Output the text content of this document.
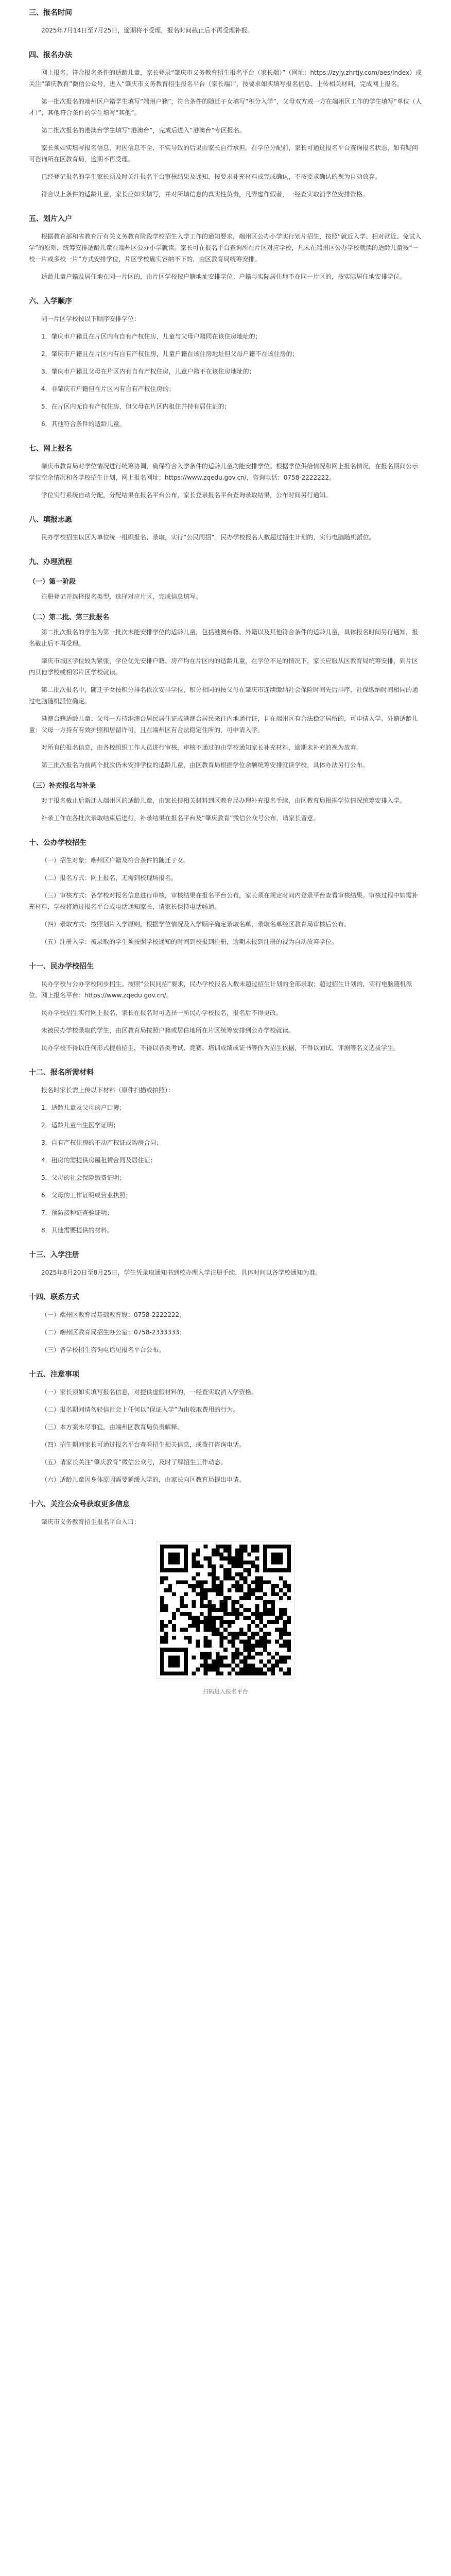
三、报名时间

2025年7月14日至7月25日，逾期将不受理，报名时间截止后不再受理补报。

四、报名办法

网上报名。符合报名条件的适龄儿童，家长登录“肇庆市义务教育招生报名平台（家长端）”（网址：https://zyjy.zhrtjy.com/aes/index）或关注“肇庆教育”微信公众号，进入“肇庆市义务教育招生报名平台（家长端）”，按要求如实填写报名信息、上传相关材料，完成网上报名。

第一批次报名的端州区户籍学生填写“端州户籍”，符合条件的随迁子女填写“积分入学”，父母双方或一方在端州区工作的学生填写“单位（人才）”，其他符合条件的学生填写“其他”。

第二批次报名的港澳台学生填写“港澳台”，完成后进入“港澳台”专区报名。

家长须如实填写报名信息，对因信息不全、不实导致的后果由家长自行承担。在学位分配前，家长可通过报名平台查询报名状态，如有疑问可咨询所在区教育局，逾期不再受理。

已经登记报名的学生家长须及时关注报名平台审核结果及通知，按要求补充材料或完成确认，不按要求确认的视为自动放弃。

符合以上条件的适龄儿童，家长应如实填写，并对所填信息的真实性负责，凡弄虚作假者，一经查实取消学位安排资格。

五、划片入户

根据教育部和省教育厅有关义务教育阶段学校招生入学工作的通知要求，端州区公办小学实行划片招生，按照“就近入学、相对就近、免试入学”的原则，统筹安排适龄儿童在端州区公办小学就读。家长可在报名平台查询所在片区对应学校，凡未在端州区公办学校就读的适龄儿童按“一校一片或多校一片”方式安排学位，片区学校确实容纳不下的，由区教育局统筹安排。

适龄儿童户籍及居住地在同一片区的，由片区学校按户籍地址安排学位；户籍与实际居住地不在同一片区的，按实际居住地安排学位。

六、入学顺序

同一片区学校按以下顺序安排学位：

1．肇庆市户籍且在片区内有自有产权住房，儿童与父母户籍同在该住房地址的；

2．肇庆市户籍且在片区内有自有产权住房，儿童户籍在该住房地址但父母户籍不在该住房的；

3．肇庆市户籍且父母在片区内有自有产权住房，儿童户籍不在该住房地址的；

4．非肇庆市户籍但在片区内有自有产权住房的；

5．在片区内无自有产权住房，但父母在片区内租住并持有居住证的；

6．其他符合条件的适龄儿童。

七、网上报名

肇庆市教育局对学位情况进行统筹协调，确保符合入学条件的适龄儿童均能安排学位。根据学位供给情况和网上报名情况，在报名期间公示学位空余情况和各学校招生计划，网上报名网址：https://www.zqedu.gov.cn/，咨询电话：0758-2222222。

学位实行系统自动分配，分配结果在报名平台公布，家长登录报名平台查询录取结果，公布时间另行通知。

八、填报志愿

民办学校招生以区为单位统一组织报名、录取，实行“公民同招”。民办学校报名人数超过招生计划的，实行电脑随机派位。

九、办理流程
（一）第一阶段

注册登记并选择报名类型，选择对应片区，完成信息填写。

（二）第二批、第三批报名

第二批次报名的学生为第一批次未能安排学位的适龄儿童，包括港澳台籍、外籍以及其他符合条件的适龄儿童，具体报名时间另行通知，报名截止后不再受理。

肇庆市城区学位较为紧张，学位优先安排户籍、房产均在片区内的适龄儿童，在学位不足的情况下，家长应服从区教育局统筹安排，到片区内其他学校或相邻片区学校就读。

第二批次报名中，随迁子女按积分排名依次安排学位，积分相同的按父母在肇庆市连续缴纳社会保险时间先后排序，社保缴纳时间相同的通过电脑随机派位确定。

港澳台籍适龄儿童：父母一方持港澳台居民居住证或港澳台居民来往内地通行证，且在端州区有合法稳定居所的，可申请入学。外籍适龄儿童：父母一方持有有效护照和居留许可，且在端州区有合法稳定住所的，可申请入学。

对所有的报名信息，由各校组织工作人员进行审核，审核不通过的由学校通知家长补充材料，逾期未补充的视为放弃。

第三批次报名为前两个批次仍未安排学位的适龄儿童，由区教育局根据学位余额统筹安排就读学校，具体办法另行公布。

（三）补充报名与补录

对于报名截止后新迁入端州区的适龄儿童，由家长持相关材料到区教育局办理补充报名手续，由区教育局根据学位情况统筹安排入学。

补录工作在各批次录取结束后进行，补录结果在报名平台及“肇庆教育”微信公众号公布，请家长留意。

十、公办学校招生

（一）招生对象：端州区户籍及符合条件的随迁子女。

（二）报名方式：网上报名，无需到校现场报名。

（三）审核方式：各学校对报名信息进行审核，审核结果在报名平台公布，家长须在规定时间内登录平台查看审核结果。审核过程中如需补充材料，学校将通过报名平台或电话通知家长，请家长保持电话畅通。

（四）录取方式：按照划片入学原则，根据学位情况及入学顺序确定录取名单，录取名单经区教育局审核后公布。

（五）注册入学：被录取的学生须按照学校通知的时间到校报到注册，逾期未报到注册的视为自动放弃学位。

十一、民办学校招生

民办学校与公办学校同步招生。按照“公民同招”要求，民办学校报名人数未超过招生计划的全部录取；超过招生计划的，实行电脑随机派位。网上报名平台：https://www.zqedu.gov.cn/。

民办学校招生实行网上报名，家长在报名时可选择一所民办学校报名，报名后不得更改。

未被民办学校录取的学生，由区教育局按照户籍或居住地所在片区统筹安排到公办学校就读。

民办学校不得以任何形式提前招生，不得以各类考试、竞赛、培训成绩或证书等作为招生依据，不得以面试、评测等名义选拔学生。

十二、报名所需材料

报名时家长需上传以下材料（原件扫描或拍照）：

1．适龄儿童及父母的户口簿；

2．适龄儿童出生医学证明；

3．自有产权住房的不动产权证或购房合同；

4．租房的需提供房屋租赁合同及居住证；

5．父母的社会保险缴费证明；

6．父母的工作证明或营业执照；

7．预防接种证查验证明；

8．其他需要提供的材料。

十三、入学注册

2025年8月20日至8月25日，学生凭录取通知书到校办理入学注册手续，具体时间以各学校通知为准。

十四、联系方式

（一）端州区教育局基础教育股：0758-2222222；

（二）端州区教育局招生办公室：0758-2333333；

（三）各学校招生咨询电话见报名平台公布。

十五、注意事项

（一）家长须如实填写报名信息，对提供虚假材料的，一经查实取消入学资格。

（二）报名期间请勿轻信社会上任何以“保证入学”为由收取费用的行为。

（三）本方案未尽事宜，由端州区教育局负责解释。

（四）招生期间家长可通过报名平台查看招生相关信息，或拨打咨询电话。

（五）请家长关注“肇庆教育”微信公众号，及时了解招生工作动态。

（六）适龄儿童因身体原因需要延缓入学的，由家长向区教育局提出申请。

十六、关注公众号获取更多信息

肇庆市义务教育招生报名平台入口：

扫码进入报名平台
